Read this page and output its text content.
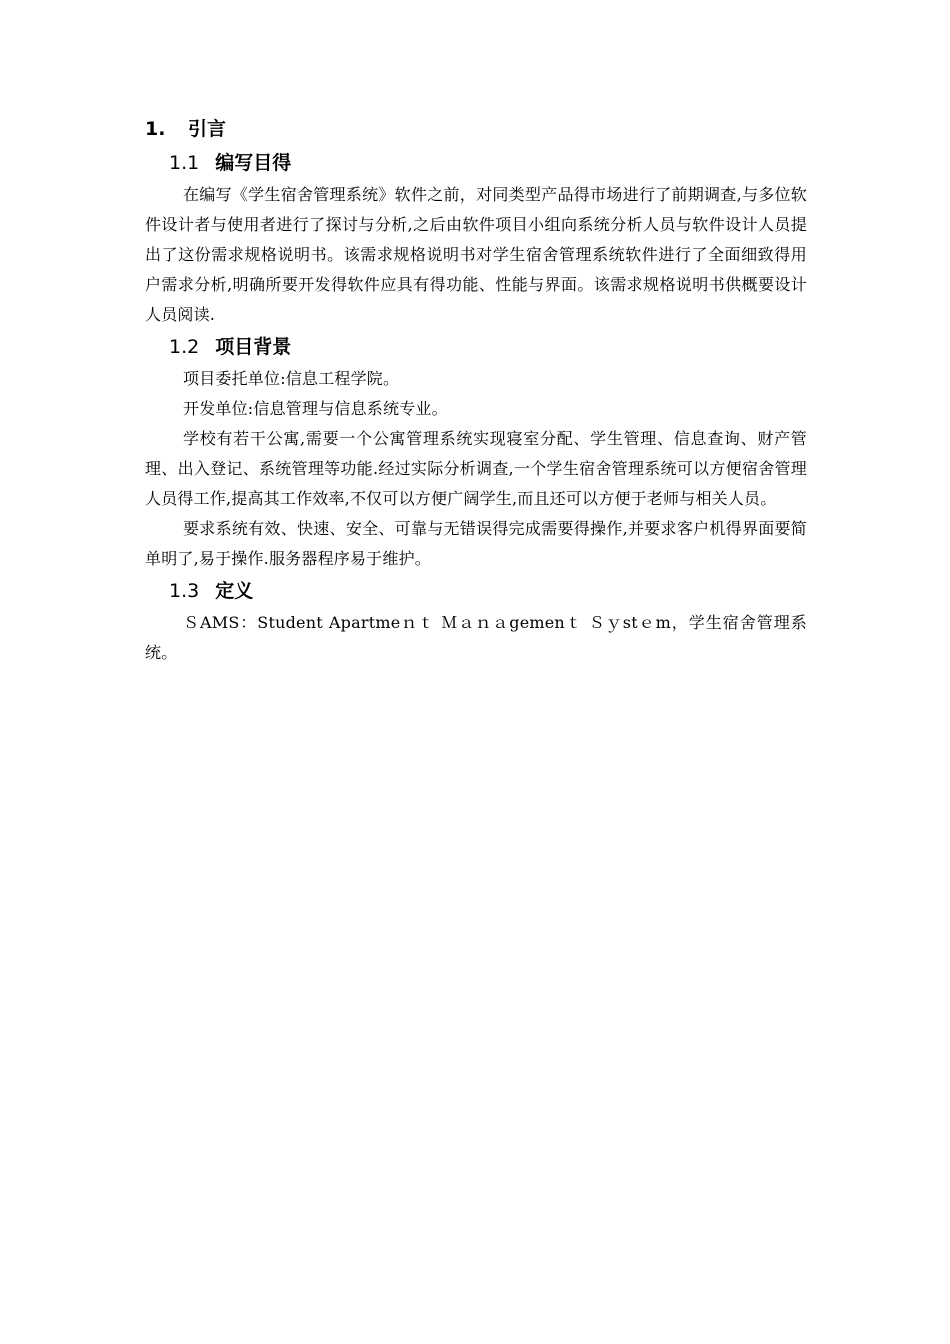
1. 引言
1.1 编写目得

在编写《学生宿舍管理系统》软件之前，对同类型产品得市场进行了前期调查,与多位软件设计者与使用者进行了探讨与分析,之后由软件项目小组向系统分析人员与软件设计人员提出了这份需求规格说明书。该需求规格说明书对学生宿舍管理系统软件进行了全面细致得用户需求分析,明确所要开发得软件应具有得功能、性能与界面。该需求规格说明书供概要设计人员阅读.

1.2 项目背景

项目委托单位:信息工程学院。

开发单位:信息管理与信息系统专业。

学校有若干公寓,需要一个公寓管理系统实现寝室分配、学生管理、信息查询、财产管理、出入登记、系统管理等功能.经过实际分析调查,一个学生宿舍管理系统可以方便宿舍管理人员得工作,提高其工作效率,不仅可以方便广阔学生,而且还可以方便于老师与相关人员。

要求系统有效、快速、安全、可靠与无错误得完成需要得操作,并要求客户机得界面要简单明了,易于操作.服务器程序易于维护。

1.3 定义

ＳAMS：Student Apartmeｎｔ Ｍａｎａgemenｔ Ｓｙstｅm，学生宿舍管理系统。
